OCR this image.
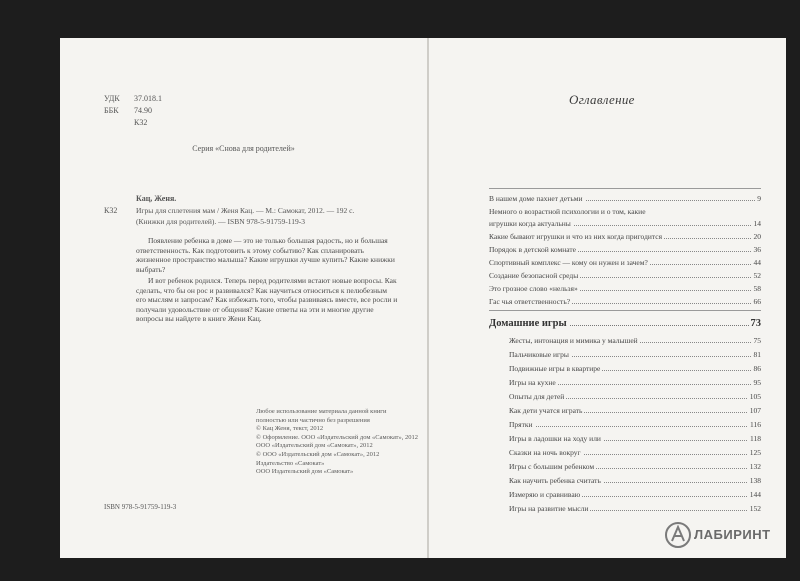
УДК 37.018.1
ББК 74.90
К32
Серия «Снова для родителей»
Кац, Женя.
К32 Игры для сплетения мам / Женя Кац. — М.: Самокат, 2012. — 192 с.
(Книжки для родителей). — ISBN 978-5-91759-119-3
Появление ребенка в доме — это не только большая радость, но и большая ответственность. Как подготовить к этому событию? Как спланировать жизненное пространство малыша? Какие игрушки лучше купить? Какие книжки выбрать?
И вот ребенок родился. Теперь перед родителями встают новые вопросы. Как сделать, что бы он рос и развивался? Как научиться относиться к пелюбезным его мыслям и запросам? Как избежать того, чтобы развиваясь вместе, все росли и получали удовольствие от общения? Какие ответы на эти и многие другие вопросы вы найдете в книге Жени Кац.
Любое использование материала данной книги
полностью или частично без разрешения
© Кац Женя, текст, 2012
© Оформление. ООО «Издательский дом «Самокат», 2012
ООО «Издательский дом «Самокат», 2012
© ООО «Издательский дом «Самокат», 2012
Издательство «Самокат»
ООО Издательский дом «Самокат»
ISBN 978-5-91759-119-3
Оглавление
В нашем доме пахнет детьми	9
Немного о возрастной психологии и о том, какие
игрушки когда актуальны	14
Какие бывают игрушки и что из них когда пригодится	20
Порядок в детской комнате	36
Спортивный комплекс — кому он нужен и зачем?	44
Создание безопасной среды	52
Это грозное слово «нельзя»	58
Гас чья ответственность?	66
Домашние игры	73
Жесты, интонация и мимика у малышей	75
Пальчиковые игры	81
Подвижные игры в квартире	86
Игры на кухне	95
Опыты для детей	105
Как дети учатся играть	107
Прятки	116
Игры в ладошки на ходу или	118
Сказки на ночь вокруг	125
Игры с большим ребенком	132
Как научить ребенка считать	138
Измеряю и сравниваю	144
Игры на развитие мысли	152
ЛАБИРИНТ
